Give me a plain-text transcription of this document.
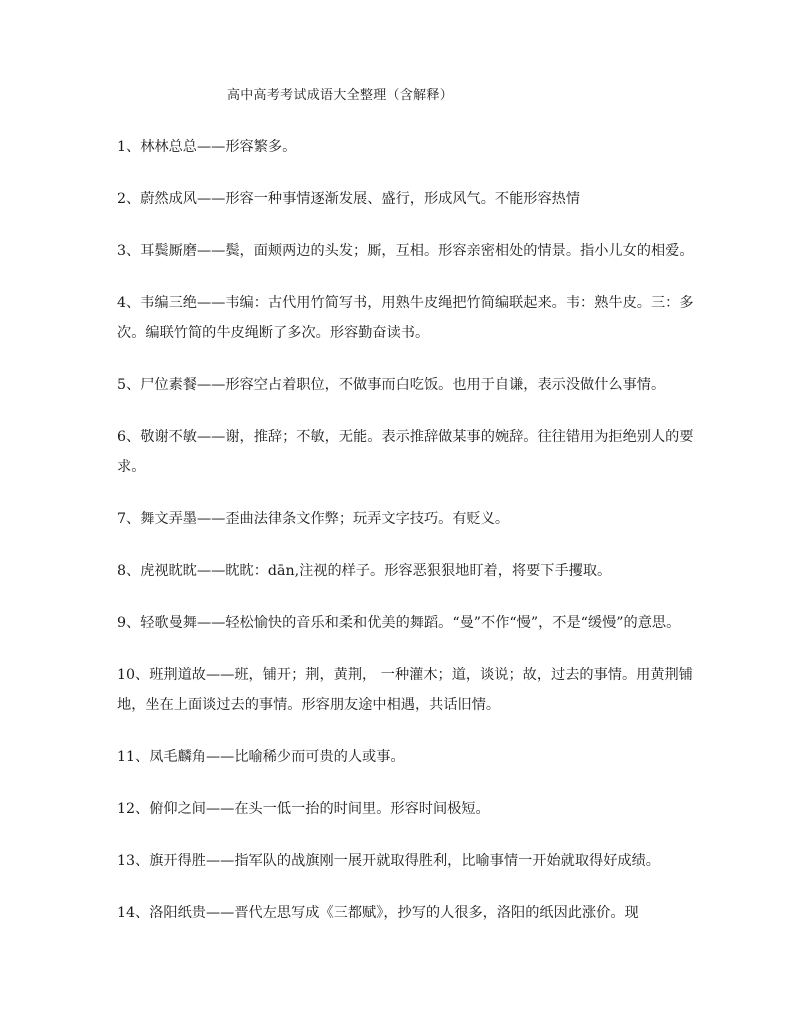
高中高考考试成语大全整理（含解释）

1、林林总总——形容繁多。

2、蔚然成风——形容一种事情逐渐发展、盛行，形成风气。不能形容热情

3、耳鬓厮磨——鬓，面颊两边的头发；厮，互相。形容亲密相处的情景。指小儿女的相爱。

4、韦编三绝——韦编：古代用竹简写书，用熟牛皮绳把竹简编联起来。韦：熟牛皮。三：多次。编联竹简的牛皮绳断了多次。形容勤奋读书。

5、尸位素餐——形容空占着职位，不做事而白吃饭。也用于自谦，表示没做什么事情。

6、敬谢不敏——谢，推辞；不敏，无能。表示推辞做某事的婉辞。往往错用为拒绝别人的要求。

7、舞文弄墨——歪曲法律条文作弊；玩弄文字技巧。有贬义。

8、虎视眈眈——眈眈：dān,注视的样子。形容恶狠狠地盯着，将要下手攫取。

9、轻歌曼舞——轻松愉快的音乐和柔和优美的舞蹈。“曼”不作“慢”，不是“缓慢”的意思。

10、班荆道故——班，铺开；荆，黄荆， 一种灌木；道，谈说；故，过去的事情。用黄荆铺地，坐在上面谈过去的事情。形容朋友途中相遇，共话旧情。

11、凤毛麟角——比喻稀少而可贵的人或事。

12、俯仰之间——在头一低一抬的时间里。形容时间极短。

13、旗开得胜——指军队的战旗刚一展开就取得胜利，比喻事情一开始就取得好成绩。

14、洛阳纸贵——晋代左思写成《三都赋》，抄写的人很多，洛阳的纸因此涨价。现
